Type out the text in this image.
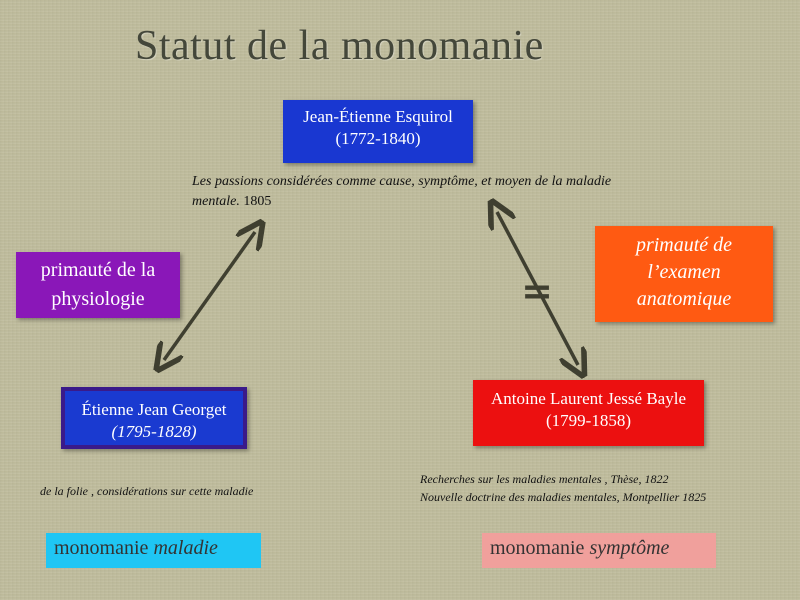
Statut de la monomanie
Jean-Étienne Esquirol
(1772-1840)
Les passions considérées comme cause, symptôme, et moyen de la maladie mentale. 1805
primauté de la
physiologie
primauté de
l’examen
anatomique
=
Étienne Jean Georget
(1795-1828)
Antoine Laurent Jessé Bayle
(1799-1858)
de la folie , considérations sur cette maladie
Recherches sur les maladies mentales , Thèse, 1822
Nouvelle doctrine des maladies mentales, Montpellier 1825
monomanie maladie	monomanie symptôme
